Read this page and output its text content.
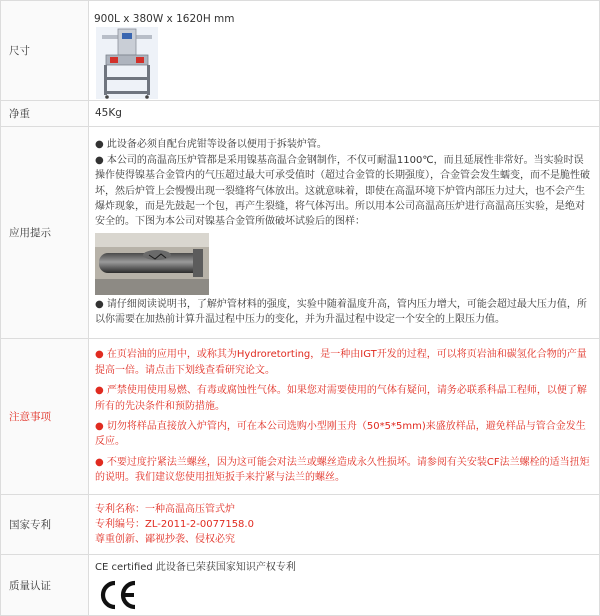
尺寸	900L x 380W x 1620H mm

净重	45Kg
应用提示	● 此设备必须自配台虎钳等设备以便用于拆装炉管。

● 本公司的高温高压炉管都是采用镍基高温合金钢制作，不仅可耐温1100℃，而且延展性非常好。当实验时误操作使得镍基合金管内的气压超过最大可承受值时（超过合金管的长期强度），合金管会发生蠕变，而不是脆性破坏，然后炉管上会慢慢出现一裂缝将气体放出。这就意味着，即使在高温环境下炉管内部压力过大，也不会产生爆炸现象，而是先鼓起一个包，再产生裂缝，将气体泻出。所以用本公司高温高压炉进行高温高压实验，是绝对安全的。下图为本公司对镍基合金管所做破坏试验后的图样：

● 请仔细阅读说明书，了解炉管材料的强度，实验中随着温度升高，管内压力增大，可能会超过最大压力值，所以你需要在加热前计算升温过程中压力的变化，并为升温过程中设定一个安全的上限压力值。

注意事项	● 在页岩油的应用中，或称其为Hydroretorting，是一种由IGT开发的过程，可以将页岩油和碳氢化合物的产量提高一倍。请点击下划线查看研究论文。

● 严禁使用使用易燃、有毒或腐蚀性气体。如果您对需要使用的气体有疑问，请务必联系科晶工程师，以便了解所有的先决条件和预防措施。

● 切勿将样品直接放入炉管内，可在本公司选购小型刚玉舟（50*5*5mm)来盛放样品，避免样品与管合金发生反应。

● 不要过度拧紧法兰螺丝，因为这可能会对法兰或螺丝造成永久性损坏。请参阅有关安装CF法兰螺栓的适当扭矩的说明。我们建议您使用扭矩扳手来拧紧与法兰的螺丝。

国家专利	专利名称：一种高温高压管式炉

专利编号：ZL-2011-2-0077158.0

尊重创新、鄙视抄袭、侵权必究

质量认证	CE certified 此设备已荣获国家知识产权专利
